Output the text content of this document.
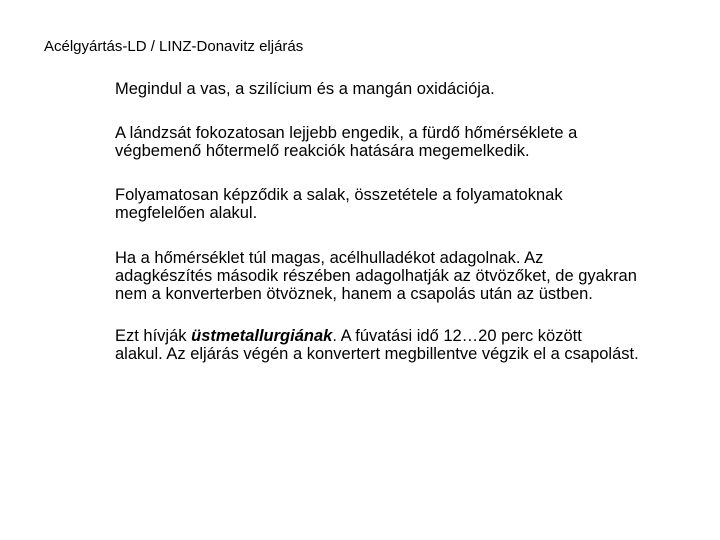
Acélgyártás-LD / LINZ-Donavitz eljárás

Megindul a vas, a szilícium és a mangán oxidációja.

A lándzsát fokozatosan lejjebb engedik, a fürdő hőmérséklete a
végbemenő hőtermelő reakciók hatására megemelkedik.

Folyamatosan képződik a salak, összetétele a folyamatoknak
megfelelően alakul.

Ha a hőmérséklet túl magas, acélhulladékot adagolnak. Az
adagkészítés második részében adagolhatják az ötvözőket, de gyakran
nem a konverterben ötvöznek, hanem a csapolás után az üstben.

Ezt hívják üstmetallurgiának. A fúvatási idő 12…20 perc között
alakul. Az eljárás végén a konvertert megbillentve végzik el a csapolást.
